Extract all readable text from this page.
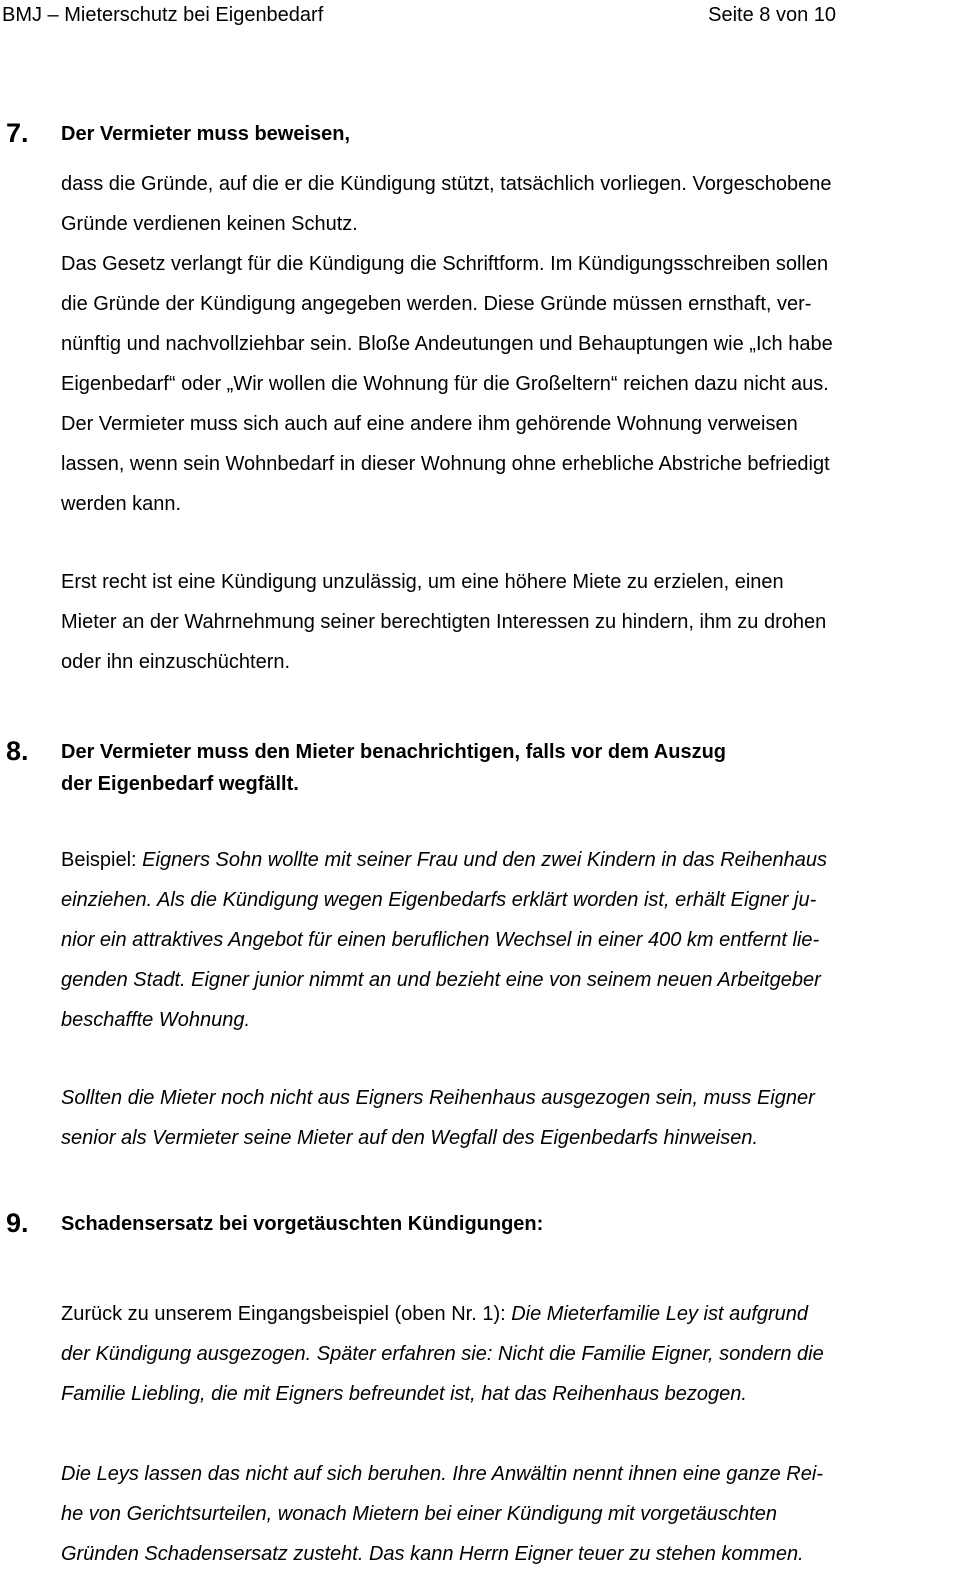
BMJ – Mieterschutz bei Eigenbedarf	Seite 8 von 10
7. Der Vermieter muss beweisen,
dass die Gründe, auf die er die Kündigung stützt, tatsächlich vorliegen. Vorgeschobene
Gründe verdienen keinen Schutz.
Das Gesetz verlangt für die Kündigung die Schriftform. Im Kündigungsschreiben sollen
die Gründe der Kündigung angegeben werden. Diese Gründe müssen ernsthaft, ver-
nünftig und nachvollziehbar sein. Bloße Andeutungen und Behauptungen wie „Ich habe
Eigenbedarf“ oder „Wir wollen die Wohnung für die Großeltern“ reichen dazu nicht aus.
Der Vermieter muss sich auch auf eine andere ihm gehörende Wohnung verweisen
lassen, wenn sein Wohnbedarf in dieser Wohnung ohne erhebliche Abstriche befriedigt
werden kann.
Erst recht ist eine Kündigung unzulässig, um eine höhere Miete zu erzielen, einen
Mieter an der Wahrnehmung seiner berechtigten Interessen zu hindern, ihm zu drohen
oder ihn einzuschüchtern.
8. Der Vermieter muss den Mieter benachrichtigen, falls vor dem Auszug
der Eigenbedarf wegfällt.
Beispiel: Eigners Sohn wollte mit seiner Frau und den zwei Kindern in das Reihenhaus
einziehen. Als die Kündigung wegen Eigenbedarfs erklärt worden ist, erhält Eigner ju-
nior ein attraktives Angebot für einen beruflichen Wechsel in einer 400 km entfernt lie-
genden Stadt. Eigner junior nimmt an und bezieht eine von seinem neuen Arbeitgeber
beschaffte Wohnung.
Sollten die Mieter noch nicht aus Eigners Reihenhaus ausgezogen sein, muss Eigner
senior als Vermieter seine Mieter auf den Wegfall des Eigenbedarfs hinweisen.
9. Schadensersatz bei vorgetäuschten Kündigungen:
Zurück zu unserem Eingangsbeispiel (oben Nr. 1): Die Mieterfamilie Ley ist aufgrund
der Kündigung ausgezogen. Später erfahren sie: Nicht die Familie Eigner, sondern die
Familie Liebling, die mit Eigners befreundet ist, hat das Reihenhaus bezogen.
Die Leys lassen das nicht auf sich beruhen. Ihre Anwältin nennt ihnen eine ganze Rei-
he von Gerichtsurteilen, wonach Mietern bei einer Kündigung mit vorgetäuschten
Gründen Schadensersatz zusteht. Das kann Herrn Eigner teuer zu stehen kommen.
